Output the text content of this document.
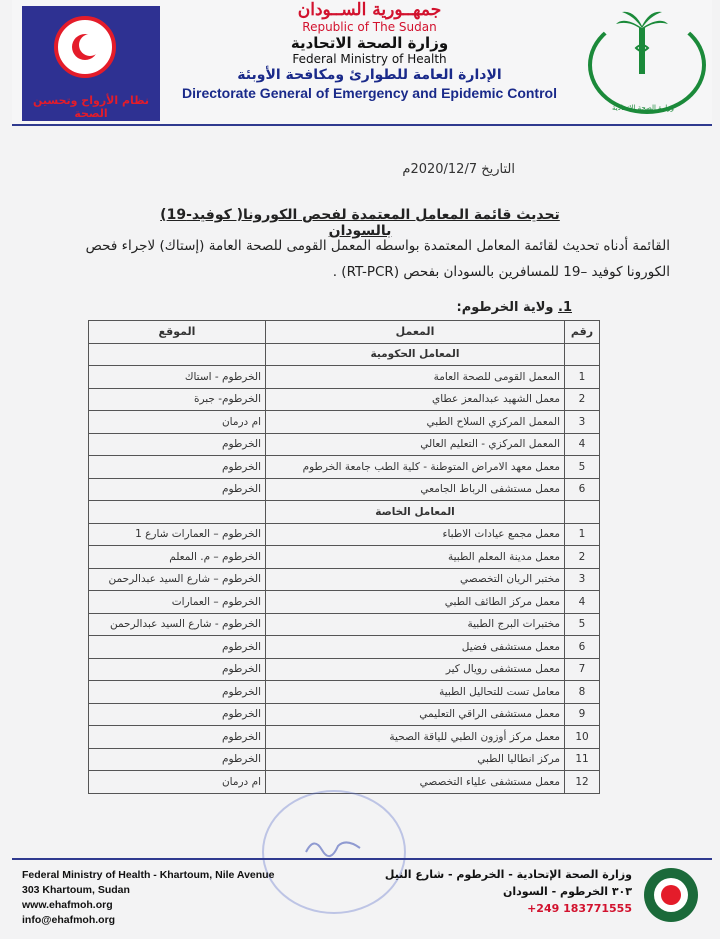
نظام الأرواح وتحسين الصحة
جمهــورية الســودان
Republic of The Sudan
وزارة الصحة الاتحادية
Federal Ministry of Health
الإدارة العامة للطوارئ ومكافحة الأوبئة
Directorate General of Emergency and Epidemic Control
وزارة الصحة الإتحادية
التاريخ 2020/12/7م
تحديث قائمة المعامل المعتمدة لفحص الكورونا( كوفيد-19) بالسودان
القائمة أدناه تحديث لقائمة المعامل المعتمدة بواسطه المعمل القومى للصحة العامة (إستاك) لاجراء فحص الكورونا كوفيد –19 للمسافرين بالسودان بفحص (RT-PCR) .
1. ولاية الخرطوم:
رقم	المعمل	الموقع
	المعامل الحكومية	
1	المعمل القومى للصحة العامة	الخرطوم - استاك
2	معمل الشهيد عبدالمعز عطاي	الخرطوم- جبرة
3	المعمل المركزي السلاح الطبي	ام درمان
4	المعمل المركزي - التعليم العالي	الخرطوم
5	معمل معهد الامراض المتوطنة - كلية الطب جامعة الخرطوم	الخرطوم
6	معمل مستشفى الرباط الجامعي	الخرطوم
	المعامل الخاصة	
1	معمل مجمع عيادات الاطباء	الخرطوم – العمارات شارع 1
2	معمل مدينة المعلم الطبية	الخرطوم – م. المعلم
3	مختبر الريان التخصصي	الخرطوم – شارع السيد عبدالرحمن
4	معمل مركز الطائف الطبي	الخرطوم – العمارات
5	مختبرات البرج الطبية	الخرطوم - شارع السيد عبدالرحمن
6	معمل مستشفى فضيل	الخرطوم
7	معمل مستشفى رويال كير	الخرطوم
8	معامل تست للتحاليل الطبية	الخرطوم
9	معمل مستشفى الراقي التعليمي	الخرطوم
10	معمل مركز أوزون الطبي للياقة الصحية	الخرطوم
11	مركز انطاليا الطبي	الخرطوم
12	معمل مستشفى علياء التخصصي	ام درمان
Federal Ministry of Health - Khartoum, Nile Avenue
303 Khartoum, Sudan
www.ehafmoh.org
info@ehafmoh.org
وزارة الصحة الإتحادية - الخرطوم - شارع النيل
٣٠٣ الخرطوم - السودان
+249 183771555
